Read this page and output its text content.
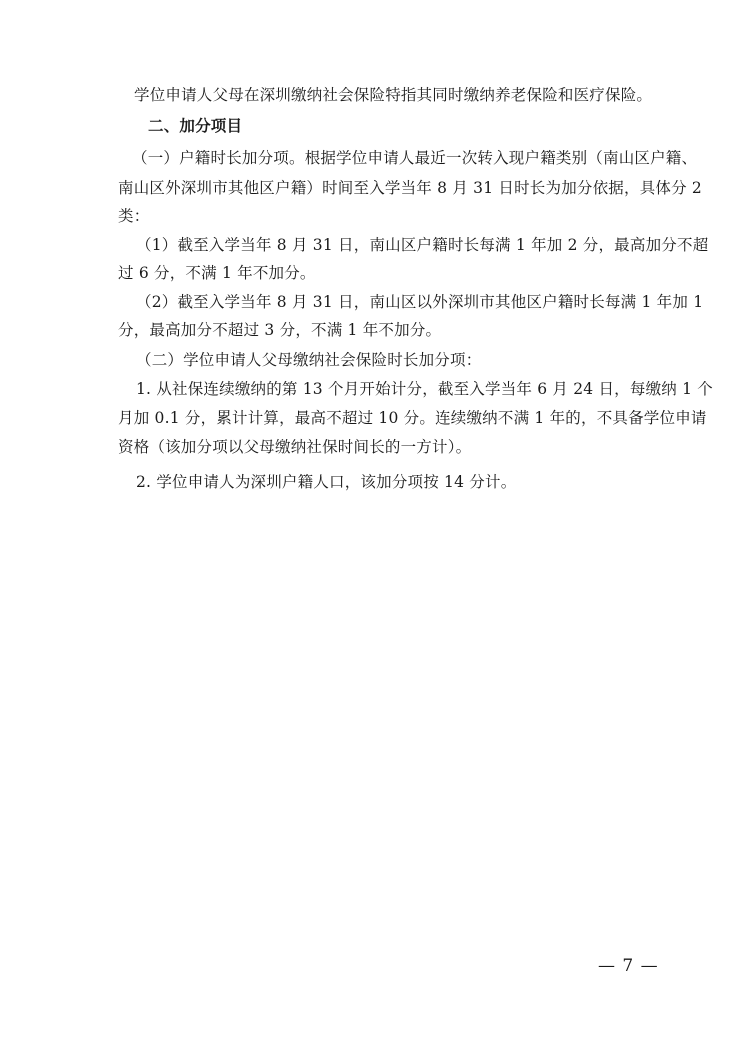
学位申请人父母在深圳缴纳社会保险特指其同时缴纳养老保险和医疗保险。
二、加分项目
（一）户籍时长加分项。根据学位申请人最近一次转入现户籍类别（南山区户籍、
南山区外深圳市其他区户籍）时间至入学当年 8 月 31 日时长为加分依据，具体分 2
类：
（1）截至入学当年 8 月 31 日，南山区户籍时长每满 1 年加 2 分，最高加分不超
过 6 分，不满 1 年不加分。
（2）截至入学当年 8 月 31 日，南山区以外深圳市其他区户籍时长每满 1 年加 1
分，最高加分不超过 3 分，不满 1 年不加分。
（二）学位申请人父母缴纳社会保险时长加分项：
1. 从社保连续缴纳的第 13 个月开始计分，截至入学当年 6 月 24 日，每缴纳 1 个
月加 0.1 分，累计计算，最高不超过 10 分。连续缴纳不满 1 年的，不具备学位申请
资格（该加分项以父母缴纳社保时间长的一方计）。
2. 学位申请人为深圳户籍人口，该加分项按 14 分计。
— 7 —
